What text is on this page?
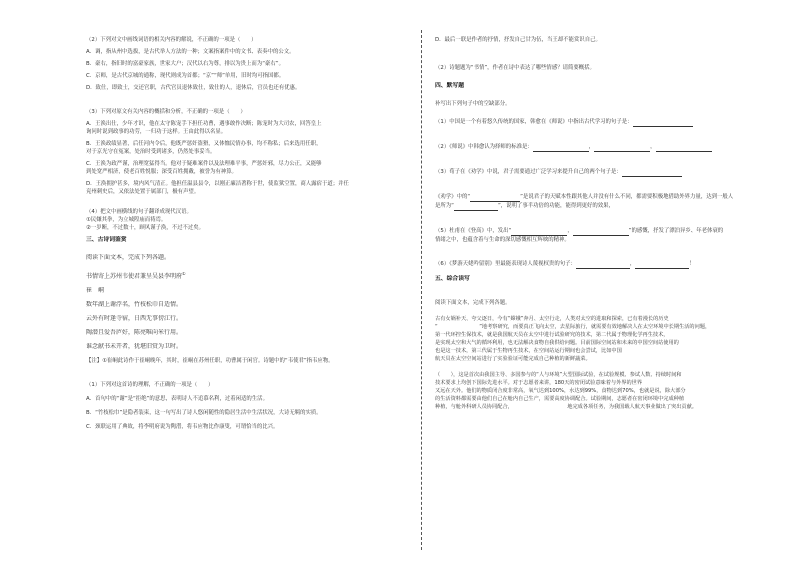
（2）下列对文中画线词语的相关内容的解说，不正确的一项是（　　）
A．调，指从州中选拔，是古代举人方法的一种；文案指案件中的文书、表奏中的公文。
B．豪右，指旧时的富豪家族，世家大户；汉代以右为尊，排以为贵上而为“豪右”。
C．京师，是古代京城的通称，现代则成为首都；“京”“师”单用，旧时均可指国都。
D．致仕，即致士，交还官职，古代官员退休致仕，致仕的人，退休后，官员也还有优惠。
（3）下列对原文有关内容的概括和分析，不正确的一项是（　　）
A．王涣出仕，少年才识，他在太守陈宠手下担任功曹，遇事敢作决断；陈宠时为大司农，回答皇上
询问时说到政事的功劳，一归功于这样。王由此得以名显。
B．王涣政绩显著，后任河内令后，他既严惩奸盗猾，又体恤民情办事，均不称私；后来选用任职，
对于京光守在冤案，处治时受到诸多，仍然处事妥当。
C．王涣为政严谨，治理宽猛得当。他对于疑难案件以及法理难平事，严惩奸邪，尽力公正，又能够
到处宽严相济，使老百姓悦服；深受百姓拥戴，被誉为有神算。
D．王涣拥护甚多，境内风气清正。他担任温县县令，以刚正廉洁著称于世，使监狱空置，商人露宿于道；并任
兖州刺史后，又依法处置于属部门，极有声望。
（4）把文中画横线的句子翻译成现代汉语。
①民嫌其拳，为立城隍庙而祷焉。
②一岁断，不过数十，顾风谨子涣，不过不过矣。
三、古诗词鉴赏
阅读下面文本，完成下列各题。
书情寄上苏州韦使君兼呈吴县李明府①
崔　峒
数年湖上谢浮名，竹枝松巾自适情。
云外有时逢寺宿，日西无事傍江行。
陶潜且爱吾庐好，陈亮唯向米行用。
谁念献书未开者，犹堪旧赏为卫时。
【注】①崔峒此诗作于崔峒晚年，其时，崔峒在苏州任职，功曹属于闲官。诗题中的“韦使君”指韦应物。
（1）下列对这首诗的理解，不正确的一项是（　　）
A．首句中的“谢”是“拒绝”的意思，表明诗人不追慕名利，过着闲适的生活。
B．“竹枝松巾”是隐者装束，这一句写出了诗人悠闲随性的隐居生活中生活状况，大诗无羁的实质。
C．颈联运用了典故，将李明府说为陶潜，将韦应物比作康叟，可谓恰当的比兴。
D．最后一联是作者的抒情，抒发自己甘为伍，当王却不能赏识自己。
（2）诗题题为“书情”，作者在诗中表达了哪些情感？请简要概括。
四、默写题
补写出下列句子中的空缺部分。
（1）中国是一个有着悠久传统的国家，韩愈在《师说》中指出古代学习的句子是：
（2）《师说》中韩愈认为择师的标准是：	，	，
（3）荀子在《劝学》中说，君子需要通过广泛学习来提升自己的两个句子是：
《劝学》中的“	”是说君子的天赋本性跟其他人并没有什么不同，都需要积极地借助外界力量，达到一般人
是所为“	”，说明了事半功倍的功能，能得到更好的效果，
（5）杜甫在《登高》中，发出“	，	”的感慨，抒发了漂泊异乡、年老体衰的
情绪之中，也蕴含着与生命的深切感慨相互辉映的精神。
（6）《梦游天姥吟留别》里最能表现诗人蔑视权贵的句子：	，	！
五、综合读写
阅读下面文本，完成下列各题。
古有女娲补天、夸父逐日，今有“嫦娥”奔月、太空行走，人类对太空的进取和探索，已有着漫长的历史
“　　　　　　　　”地考察研究，而要真正飞向太空，去星际旅行，就需要有效地解决人在太空环境中长期生活的问题，
第一代环控生保技术，就是我国航天员在太空中进行试验研究的技术，第二代属于物理化学再生技术，
是实现太空和大气的循环利用，也无法解决食物自我供给问题。目前国际空间站和未来的中国空间站使用的
也是这一技术，第三代属于生物再生技术，在空间站运行期间也会尝试，比如中国
航天员在太空空间站进行了实验验证可能完成自己种植的新鲜蔬菜。
（　　），这是首次由我国主导、多国参与的“人与环境”大型国际试验，在试验规模、参试人数、持续时间和
技术要求上均创下国际先进水平。对于志愿者来讲，180天的密闭试验意味着与外界的世界
又远在天外。他们的物质闭合度非常高，氧气达到100%，水达到99%，食物达到70%，也就是说，除大部分
的生活资料都需要由他们自己在舱内自己生产，需要高度协调配合。试验期间，志愿者在密闭环境中完成种植
种植，与舱外科研人员协同配合，　　　　　　　　　　　地完成各项任务，为我国载人航天事业做出了突出贡献。
